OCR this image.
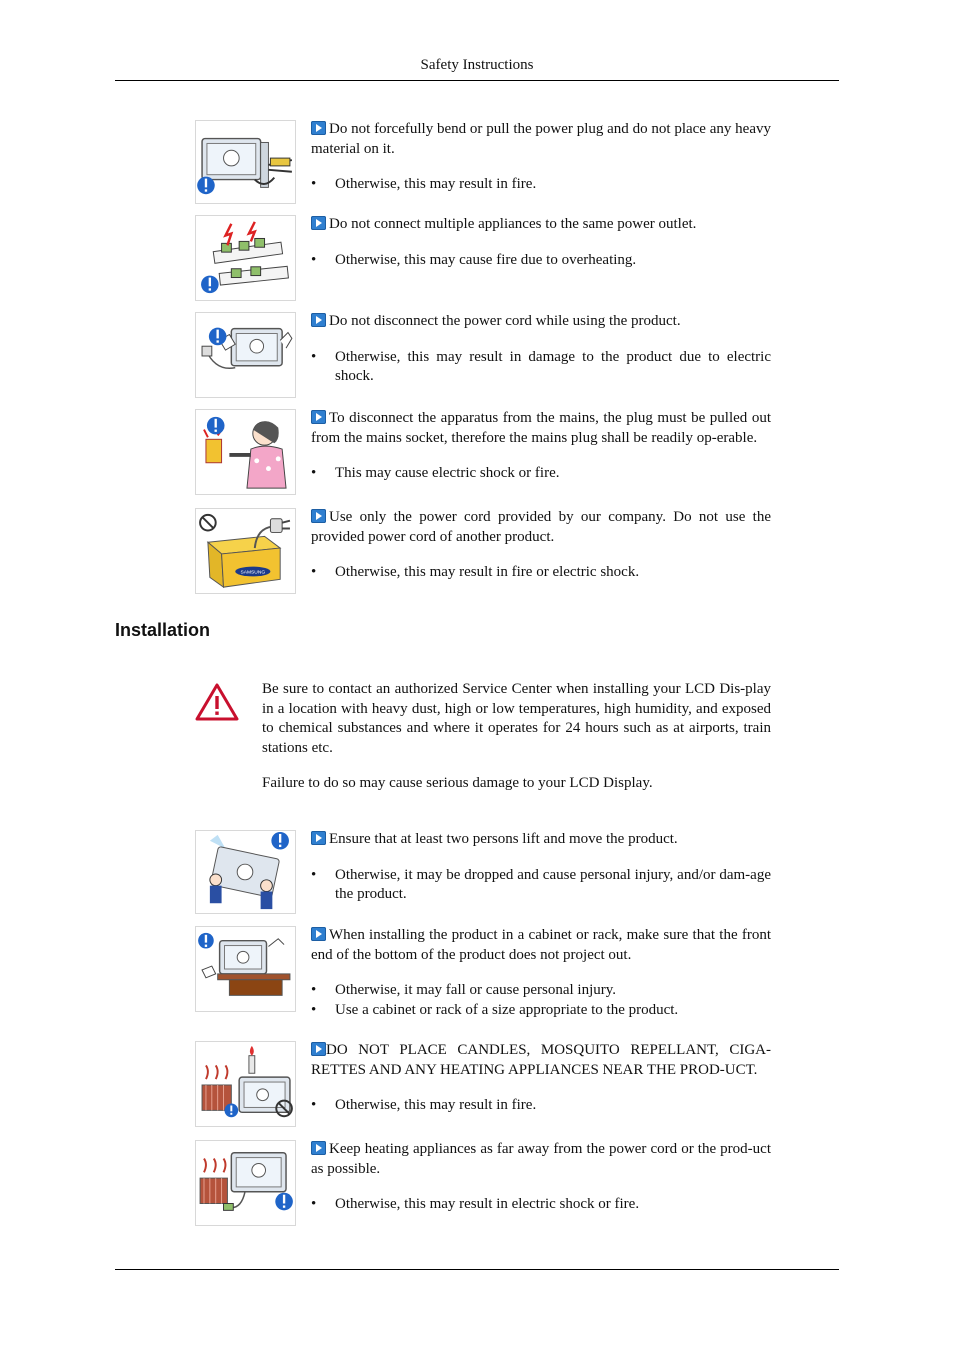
Safety Instructions

Do not forcefully bend or pull the power plug and do not place any heavy material on it.

• Otherwise, this may result in fire.

Do not connect multiple appliances to the same power outlet.

• Otherwise, this may cause fire due to overheating.

Do not disconnect the power cord while using the product.

• Otherwise, this may result in damage to the product due to electric shock.

To disconnect the apparatus from the mains, the plug must be pulled out from the mains socket, therefore the mains plug shall be readily op-erable.

• This may cause electric shock or fire.

SAMSUNG

Use only the power cord provided by our company. Do not use the provided power cord of another product.

• Otherwise, this may result in fire or electric shock.

Installation

Be sure to contact an authorized Service Center when installing your LCD Dis-play in a location with heavy dust, high or low temperatures, high humidity, and exposed to chemical substances and where it operates for 24 hours such as at airports, train stations etc.

Failure to do so may cause serious damage to your LCD Display.

Ensure that at least two persons lift and move the product.

• Otherwise, it may be dropped and cause personal injury, and/or dam-age the product.

When installing the product in a cabinet or rack, make sure that the front end of the bottom of the product does not project out.

• Otherwise, it may fall or cause personal injury.

• Use a cabinet or rack of a size appropriate to the product.

DO NOT PLACE CANDLES, MOSQUITO REPELLANT, CIGA-RETTES AND ANY HEATING APPLIANCES NEAR THE PROD-UCT.

• Otherwise, this may result in fire.

Keep heating appliances as far away from the power cord or the prod-uct as possible.

• Otherwise, this may result in electric shock or fire.
